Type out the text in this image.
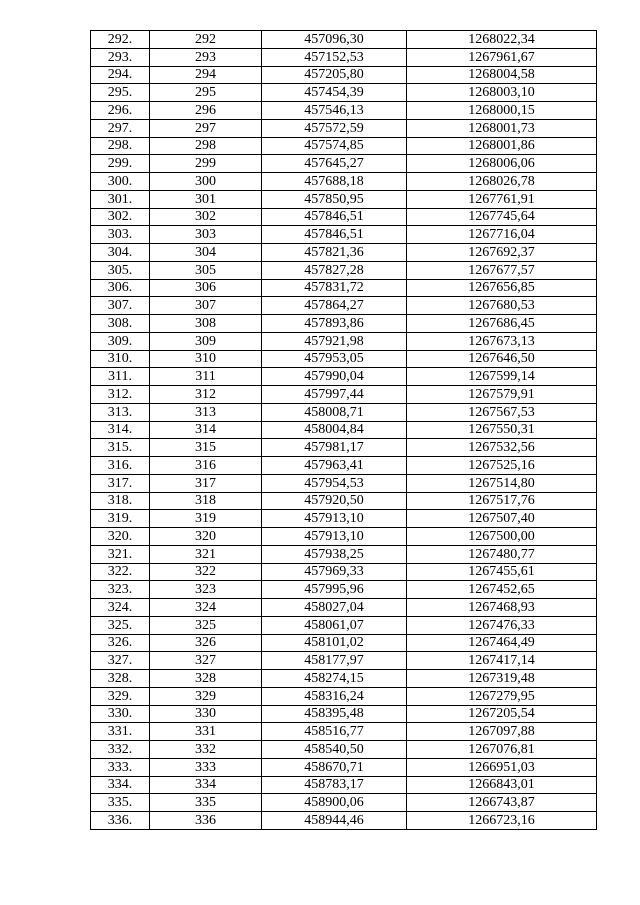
292.	292	457096,30	1268022,34
293.	293	457152,53	1267961,67
294.	294	457205,80	1268004,58
295.	295	457454,39	1268003,10
296.	296	457546,13	1268000,15
297.	297	457572,59	1268001,73
298.	298	457574,85	1268001,86
299.	299	457645,27	1268006,06
300.	300	457688,18	1268026,78
301.	301	457850,95	1267761,91
302.	302	457846,51	1267745,64
303.	303	457846,51	1267716,04
304.	304	457821,36	1267692,37
305.	305	457827,28	1267677,57
306.	306	457831,72	1267656,85
307.	307	457864,27	1267680,53
308.	308	457893,86	1267686,45
309.	309	457921,98	1267673,13
310.	310	457953,05	1267646,50
311.	311	457990,04	1267599,14
312.	312	457997,44	1267579,91
313.	313	458008,71	1267567,53
314.	314	458004,84	1267550,31
315.	315	457981,17	1267532,56
316.	316	457963,41	1267525,16
317.	317	457954,53	1267514,80
318.	318	457920,50	1267517,76
319.	319	457913,10	1267507,40
320.	320	457913,10	1267500,00
321.	321	457938,25	1267480,77
322.	322	457969,33	1267455,61
323.	323	457995,96	1267452,65
324.	324	458027,04	1267468,93
325.	325	458061,07	1267476,33
326.	326	458101,02	1267464,49
327.	327	458177,97	1267417,14
328.	328	458274,15	1267319,48
329.	329	458316,24	1267279,95
330.	330	458395,48	1267205,54
331.	331	458516,77	1267097,88
332.	332	458540,50	1267076,81
333.	333	458670,71	1266951,03
334.	334	458783,17	1266843,01
335.	335	458900,06	1266743,87
336.	336	458944,46	1266723,16
